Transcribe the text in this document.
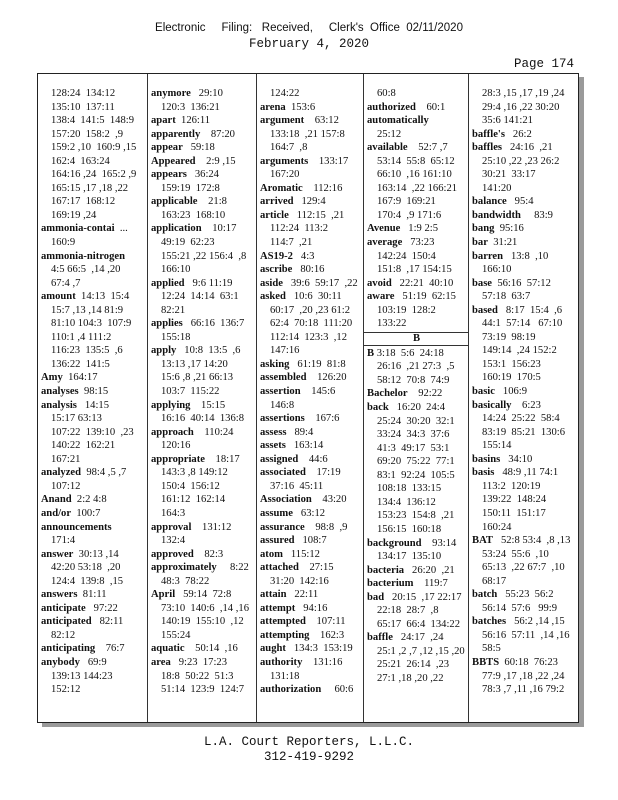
Electronic     Filing:   Received,     Clerk's  Office  02/11/2020
February 4, 2020
Page 174
128:24  134:12
135:10  137:11
138:4  141:5  148:9
157:20  158:2  ,9
159:2 ,10  160:9 ,15
162:4  163:24
164:16 ,24  165:2 ,9
165:15 ,17 ,18 ,22
167:17  168:12
169:19 ,24
ammonia-contai  ...
160:9
ammonia-nitrogen
4:5 66:5  ,14 ,20
67:4 ,7
amount  14:13  15:4
15:7 ,13 ,14 81:9
81:10 104:3  107:9
110:1 ,4 111:2
116:23  135:5  ,6
136:22  141:5
Amy  164:17
analyses  98:15
analysis   14:15
15:17 63:13
107:22  139:10  ,23
140:22  162:21
167:21
analyzed  98:4 ,5 ,7
107:12
Anand  2:2 4:8
and/or  100:7
announcements
171:4
answer  30:13 ,14
42:20 53:18  ,20
124:4  139:8  ,15
answers  81:11
anticipate   97:22
anticipated   82:11
82:12
anticipating    76:7
anybody   69:9
139:13 144:23
152:12
anymore   29:10
120:3  136:21
apart  126:11
apparently    87:20
appear   59:18
Appeared    2:9 ,15
appears   36:24
159:19  172:8
applicable    21:8
163:23  168:10
application    10:17
49:19  62:23
155:21 ,22 156:4  ,8
166:10
applied   9:6 11:19
12:24  14:14  63:1
82:21
applies   66:16  136:7
155:18
apply   10:8  13:5  ,6
13:13 ,17 14:20
15:6 ,8 ,21 66:13
103:7  115:22
applying    15:15
16:16  40:14  136:8
approach    110:24
120:16
appropriate    18:17
143:3 ,8 149:12
150:4  156:12
161:12  162:14
164:3
approval    131:12
132:4
approved    82:3
approximately     8:22
48:3  78:22
April   59:14  72:8
73:10  140:6  ,14 ,16
140:19  155:10  ,12
155:24
aquatic    50:14  ,16
area   9:23  17:23
18:8  50:22  51:3
51:14  123:9  124:7
124:22
arena  153:6
argument    63:12
133:18  ,21 157:8
164:7  ,8
arguments    133:17
167:20
Aromatic    112:16
arrived   129:4
article   112:15  ,21
112:24  113:2
114:7  ,21
AS19-2   4:3
ascribe   80:16
aside   39:6  59:17  ,22
asked   10:6  30:11
60:17  ,20 ,23 61:2
62:4  70:18  111:20
112:14  123:3  ,12
147:16
asking   61:19  81:8
assembled    126:20
assertion    145:6
146:8
assertions    167:6
assess   89:4
assets   163:14
assigned    44:6
associated    17:19
37:16  45:11
Association    43:20
assume   63:12
assurance    98:8  ,9
assured   108:7
atom   115:12
attached    27:15
31:20  142:16
attain   22:11
attempt   94:16
attempted    107:11
attempting    162:3
aught   134:3  153:19
authority    131:16
131:18
authorization     60:6
60:8
authorized    60:1
automatically
25:12
available    52:7 ,7
53:14  55:8  65:12
66:10  ,16 161:10
163:14  ,22 166:21
167:9  169:21
170:4  ,9 171:6
Avenue   1:9 2:5
average   73:23
142:24  150:4
151:8  ,17 154:15
avoid   22:21  40:10
aware   51:19  62:15
103:19  128:2
133:22
B
B 3:18  5:6  24:18
26:16  ,21 27:3  ,5
58:12  70:8  74:9
Bachelor    92:22
back   16:20  24:4
25:24  30:20  32:1
33:24  34:3  37:6
41:3  49:17  53:1
69:20  75:22  77:1
83:1  92:24  105:5
108:18  133:15
134:4  136:12
153:23  154:8  ,21
156:15  160:18
background    93:14
134:17  135:10
bacteria   26:20  ,21
bacterium    119:7
bad   20:15  ,17 22:17
22:18  28:7  ,8
65:17  66:4  134:22
baffle   24:17  ,24
25:1 ,2 ,7 ,12 ,15 ,20
25:21  26:14  ,23
27:1 ,18 ,20 ,22
28:3 ,15 ,17 ,19 ,24
29:4 ,16 ,22 30:20
35:6 141:21
baffle's   26:2
baffles   24:16  ,21
25:10 ,22 ,23 26:2
30:21  33:17
141:20
balance   95:4
bandwidth     83:9
bang  95:16
bar  31:21
barren   13:8  ,10
166:10
base  56:16  57:12
57:18  63:7
based   8:17  15:4  ,6
44:1  57:14   67:10
73:19  98:19
149:14  ,24 152:2
153:1  156:23
160:19  170:5
basic   106:9
basically    6:23
14:24  25:22  58:4
83:19  85:21  130:6
155:14
basins   34:10
basis   48:9 ,11 74:1
113:2  120:19
139:22  148:24
150:11  151:17
160:24
BAT   52:8 53:4  ,8 ,13
53:24  55:6  ,10
65:13  ,22 67:7  ,10
68:17
batch   55:23  56:2
56:14  57:6   99:9
batches   56:2 ,14 ,15
56:16  57:11  ,14 ,16
58:5
BBTS  60:18  76:23
77:9 ,17 ,18 ,22 ,24
78:3 ,7 ,11 ,16 79:2
L.A. Court Reporters, L.L.C.
312-419-9292
